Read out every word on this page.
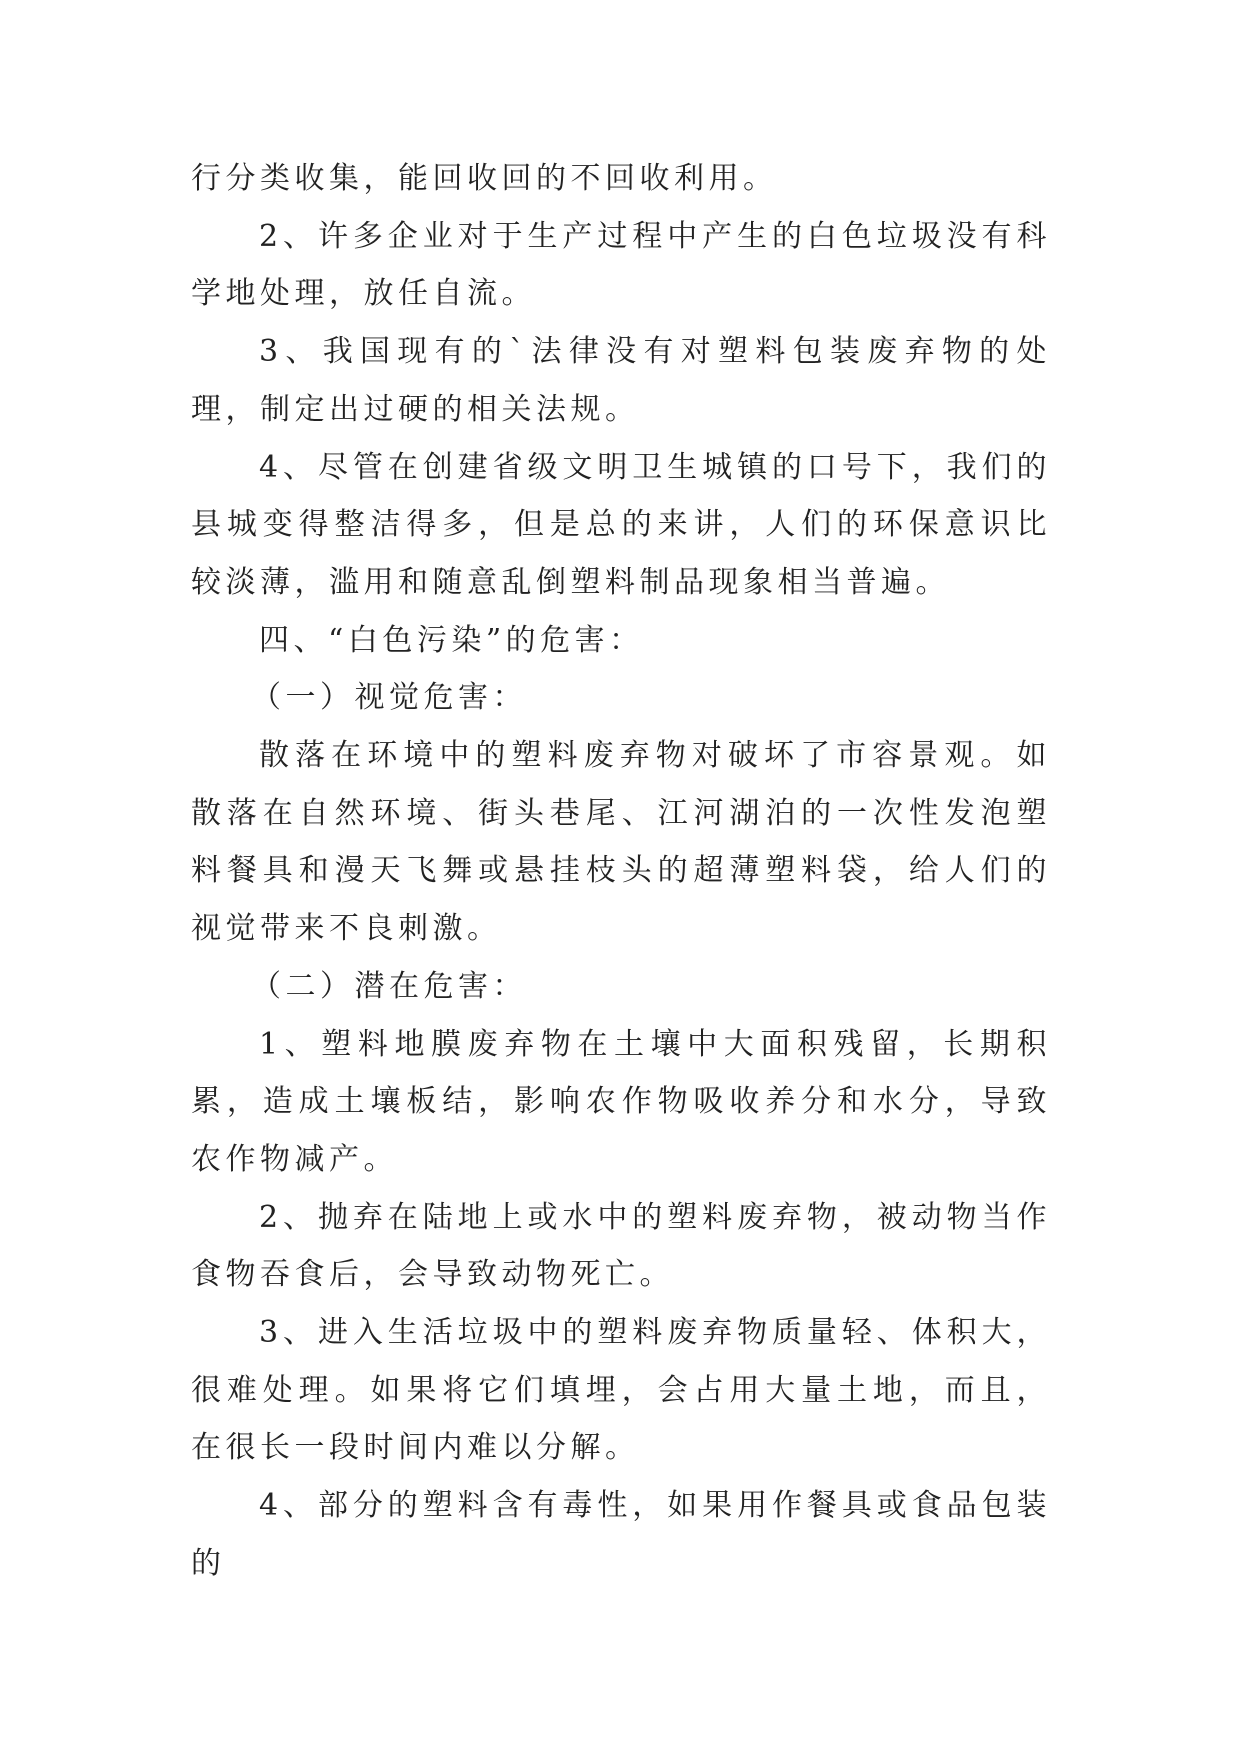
行分类收集，能回收回的不回收利用。

2、许多企业对于生产过程中产生的白色垃圾没有科学地处理，放任自流。

3、我国现有的`法律没有对塑料包装废弃物的处理，制定出过硬的相关法规。

4、尽管在创建省级文明卫生城镇的口号下，我们的县城变得整洁得多，但是总的来讲，人们的环保意识比较淡薄，滥用和随意乱倒塑料制品现象相当普遍。

四、“白色污染”的危害：

（一）视觉危害：

散落在环境中的塑料废弃物对破坏了市容景观。如散落在自然环境、街头巷尾、江河湖泊的一次性发泡塑料餐具和漫天飞舞或悬挂枝头的超薄塑料袋，给人们的视觉带来不良刺激。

（二）潜在危害：

1、塑料地膜废弃物在土壤中大面积残留，长期积累，造成土壤板结，影响农作物吸收养分和水分，导致农作物减产。

2、抛弃在陆地上或水中的塑料废弃物，被动物当作食物吞食后，会导致动物死亡。

3、进入生活垃圾中的塑料废弃物质量轻、体积大，很难处理。如果将它们填埋，会占用大量土地，而且，在很长一段时间内难以分解。

4、部分的塑料含有毒性，如果用作餐具或食品包装的
